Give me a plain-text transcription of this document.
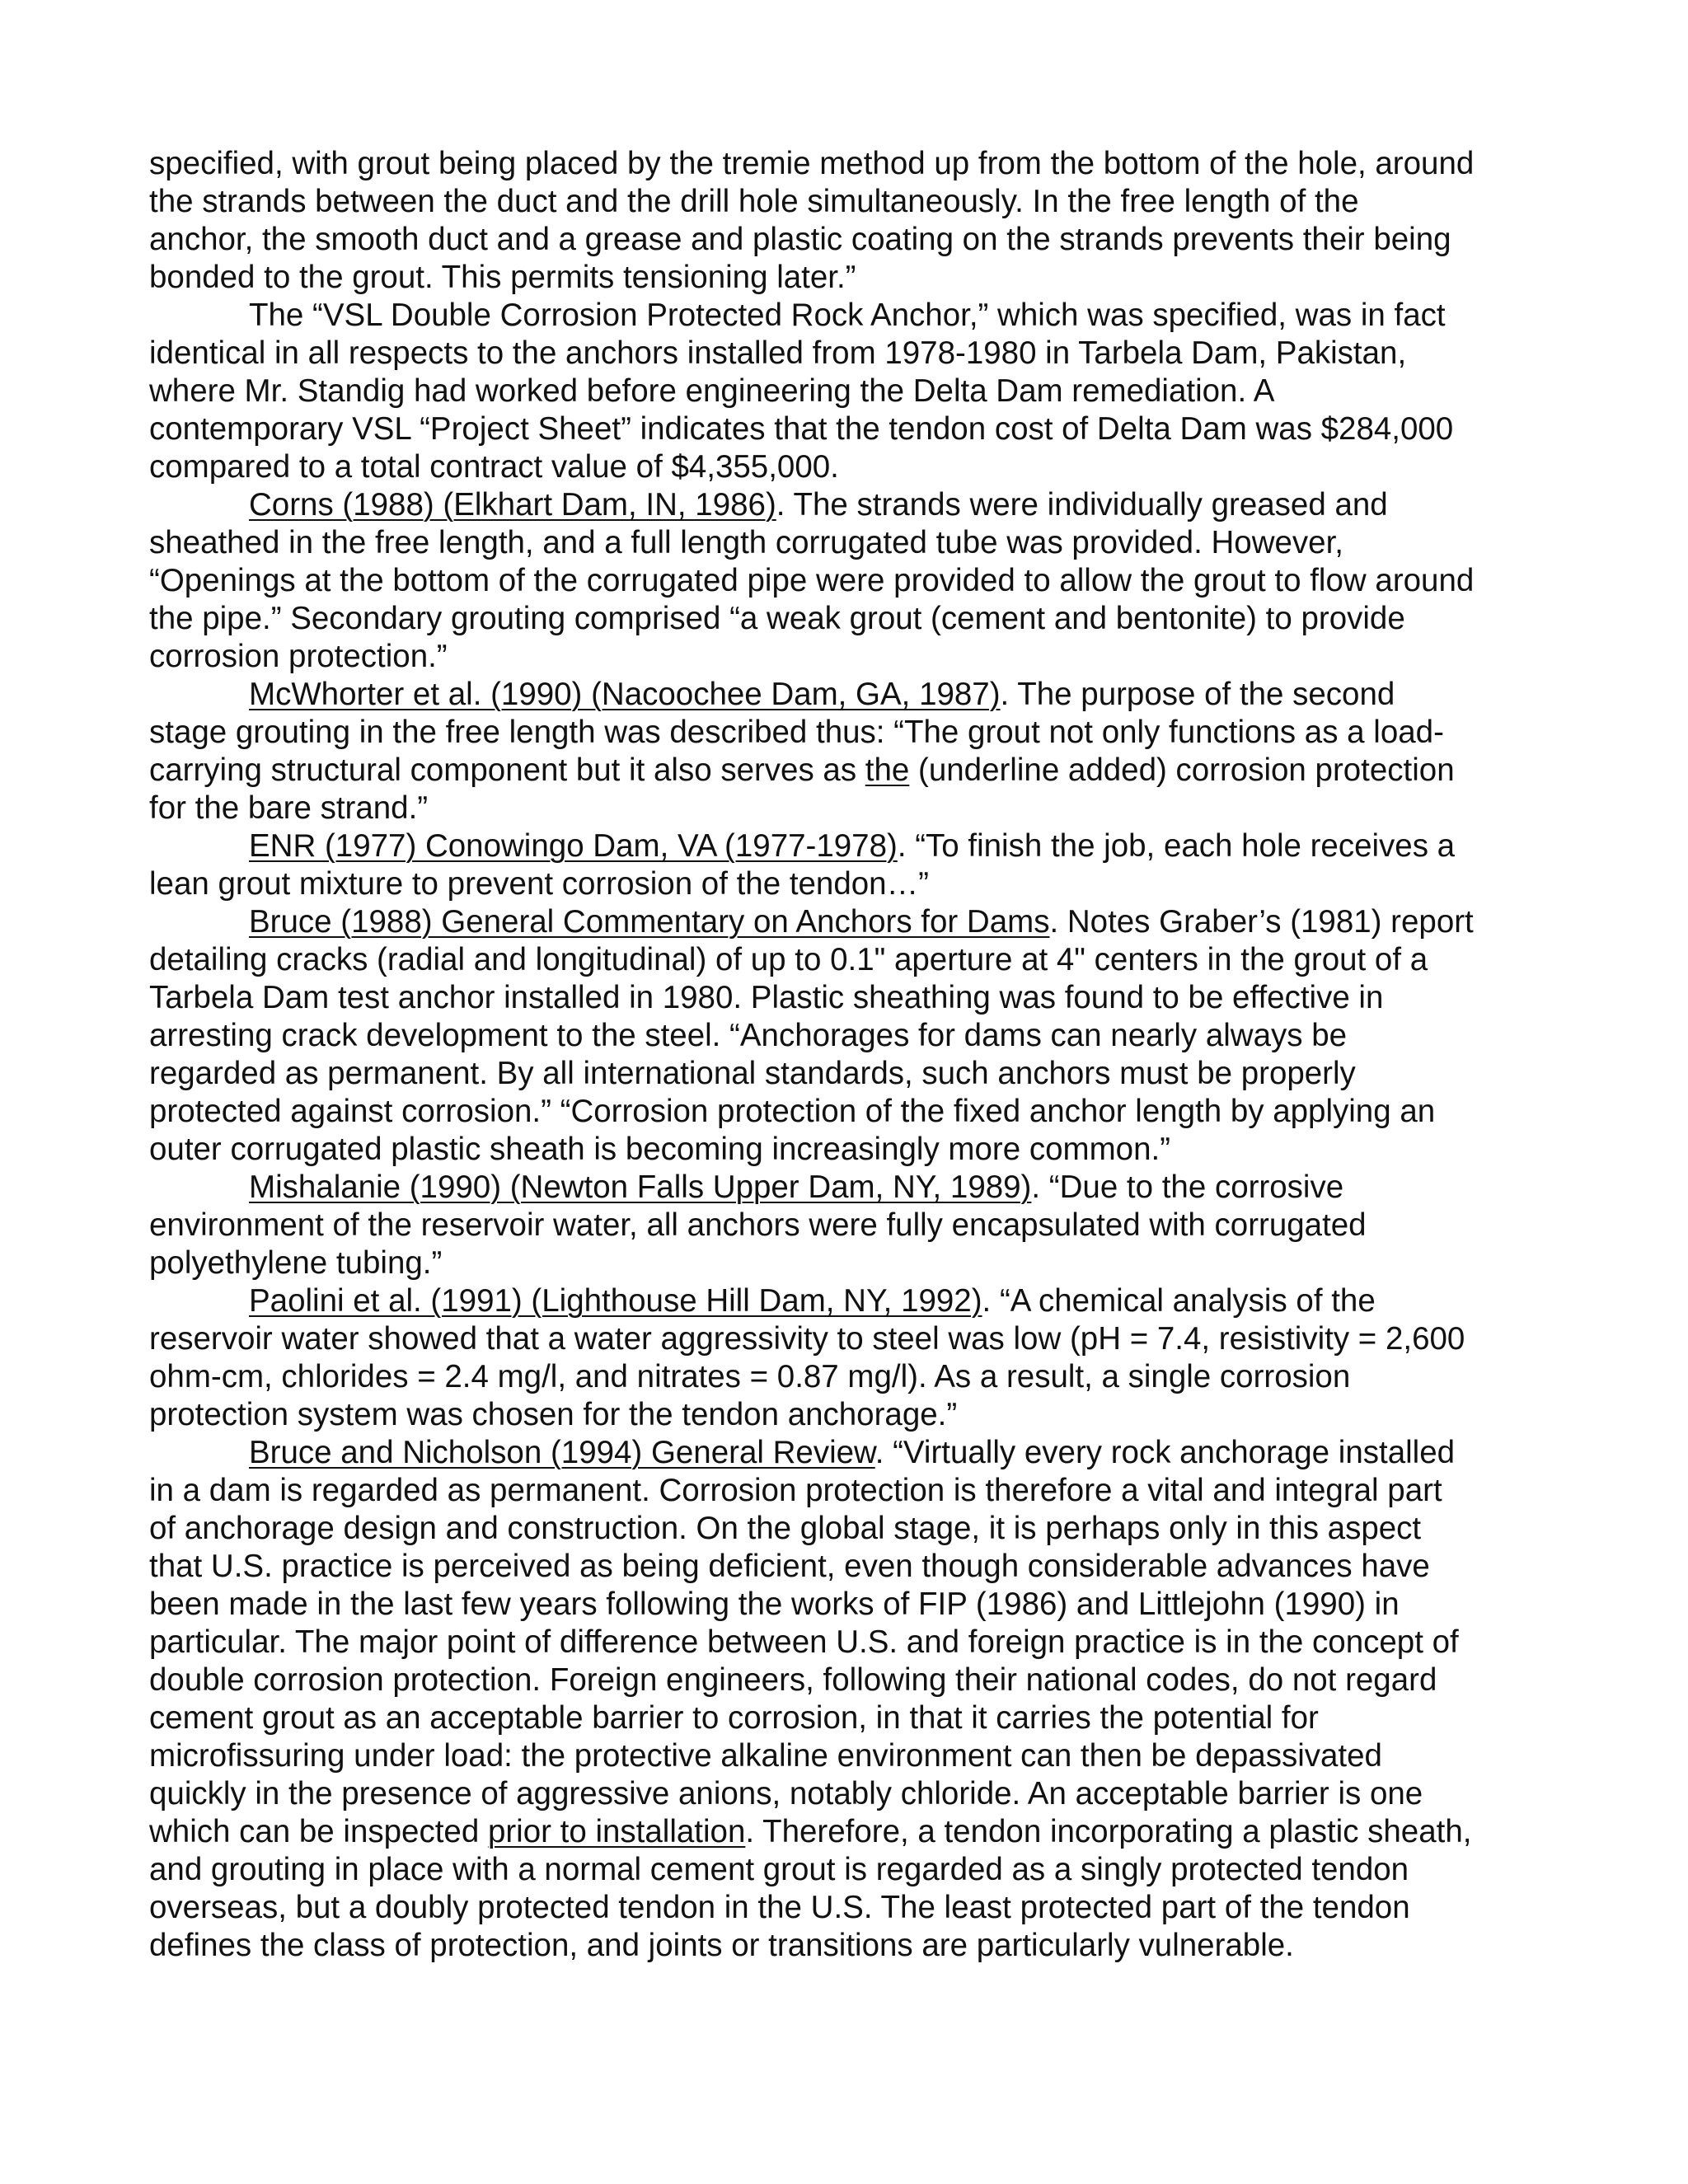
specified, with grout being placed by the tremie method up from the bottom of the hole, around
the strands between the duct and the drill hole simultaneously. In the free length of the
anchor, the smooth duct and a grease and plastic coating on the strands prevents their being
bonded to the grout. This permits tensioning later.”

The “VSL Double Corrosion Protected Rock Anchor,” which was specified, was in fact
identical in all respects to the anchors installed from 1978-1980 in Tarbela Dam, Pakistan,
where Mr. Standig had worked before engineering the Delta Dam remediation. A
contemporary VSL “Project Sheet” indicates that the tendon cost of Delta Dam was $284,000
compared to a total contract value of $4,355,000.

Corns (1988) (Elkhart Dam, IN, 1986). The strands were individually greased and
sheathed in the free length, and a full length corrugated tube was provided. However,
“Openings at the bottom of the corrugated pipe were provided to allow the grout to flow around
the pipe.” Secondary grouting comprised “a weak grout (cement and bentonite) to provide
corrosion protection.”

McWhorter et al. (1990) (Nacoochee Dam, GA, 1987). The purpose of the second
stage grouting in the free length was described thus: “The grout not only functions as a load-
carrying structural component but it also serves as the (underline added) corrosion protection
for the bare strand.”

ENR (1977) Conowingo Dam, VA (1977-1978). “To finish the job, each hole receives a
lean grout mixture to prevent corrosion of the tendon…”

Bruce (1988) General Commentary on Anchors for Dams. Notes Graber’s (1981) report
detailing cracks (radial and longitudinal) of up to 0.1" aperture at 4" centers in the grout of a
Tarbela Dam test anchor installed in 1980. Plastic sheathing was found to be effective in
arresting crack development to the steel. “Anchorages for dams can nearly always be
regarded as permanent. By all international standards, such anchors must be properly
protected against corrosion.” “Corrosion protection of the fixed anchor length by applying an
outer corrugated plastic sheath is becoming increasingly more common.”

Mishalanie (1990) (Newton Falls Upper Dam, NY, 1989). “Due to the corrosive
environment of the reservoir water, all anchors were fully encapsulated with corrugated
polyethylene tubing.”

Paolini et al. (1991) (Lighthouse Hill Dam, NY, 1992). “A chemical analysis of the
reservoir water showed that a water aggressivity to steel was low (pH = 7.4, resistivity = 2,600
ohm-cm, chlorides = 2.4 mg/l, and nitrates = 0.87 mg/l). As a result, a single corrosion
protection system was chosen for the tendon anchorage.”

Bruce and Nicholson (1994) General Review. “Virtually every rock anchorage installed
in a dam is regarded as permanent. Corrosion protection is therefore a vital and integral part
of anchorage design and construction. On the global stage, it is perhaps only in this aspect
that U.S. practice is perceived as being deficient, even though considerable advances have
been made in the last few years following the works of FIP (1986) and Littlejohn (1990) in
particular. The major point of difference between U.S. and foreign practice is in the concept of
double corrosion protection. Foreign engineers, following their national codes, do not regard
cement grout as an acceptable barrier to corrosion, in that it carries the potential for
microfissuring under load: the protective alkaline environment can then be depassivated
quickly in the presence of aggressive anions, notably chloride. An acceptable barrier is one
which can be inspected prior to installation. Therefore, a tendon incorporating a plastic sheath,
and grouting in place with a normal cement grout is regarded as a singly protected tendon
overseas, but a doubly protected tendon in the U.S. The least protected part of the tendon
defines the class of protection, and joints or transitions are particularly vulnerable.
